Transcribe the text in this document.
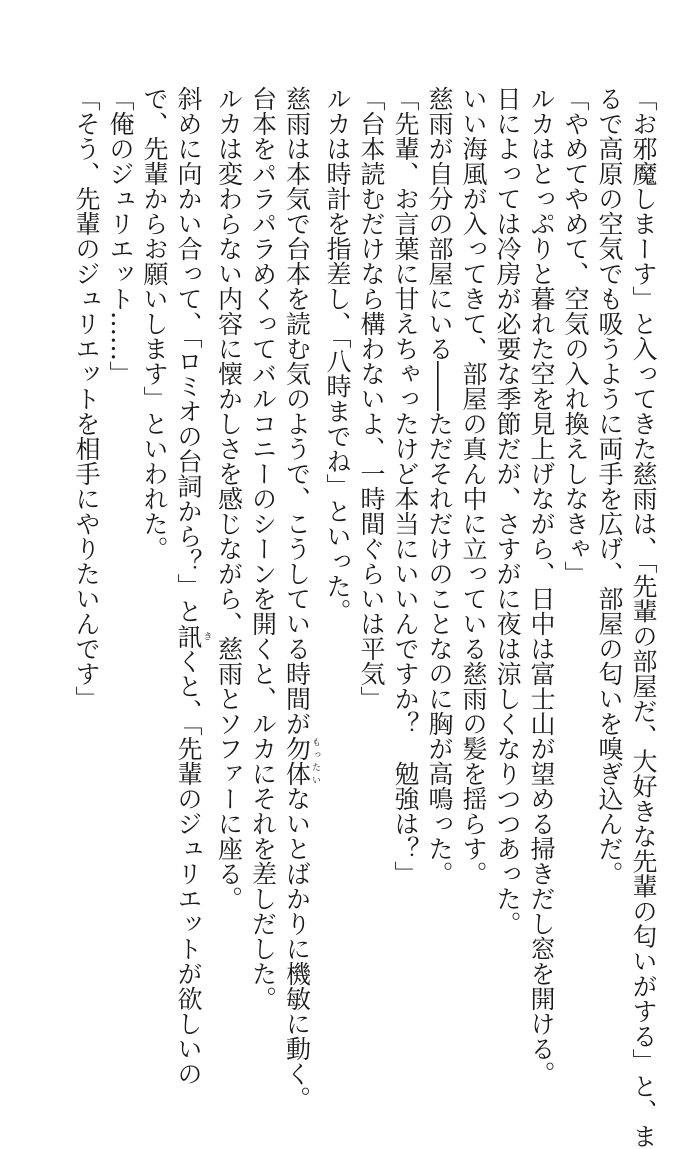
「お邪魔しまーす」と入ってきた慈雨は、「先輩の部屋だ、大好きな先輩の匂いがする」と、ま
るで高原の空気でも吸うように両手を広げ、部屋の匂いを嗅ぎ込んだ。
「やめてやめて、空気の入れ換えしなきゃ」
ルカはとっぷりと暮れた空を見上げながら、日中は富士山が望める掃きだし窓を開ける。
日によっては冷房が必要な季節だが、さすがに夜は涼しくなりつつあった。
いい海風が入ってきて、部屋の真ん中に立っている慈雨の髪を揺らす。
慈雨が自分の部屋にいる――ただそれだけのことなのに胸が高鳴った。
「先輩、お言葉に甘えちゃったけど本当にいいんですか？　勉強は？」
「台本読むだけなら構わないよ、一時間ぐらいは平気」
ルカは時計を指差し、「八時までね」といった。
慈雨は本気で台本を読む気のようで、こうしている時間が勿体もったいないとばかりに機敏に動く。
台本をパラパラめくってバルコニーのシーンを開くと、ルカにそれを差しだした。
ルカは変わらない内容に懐かしさを感じながら、慈雨とソファーに座る。
斜めに向かい合って、「ロミオの台詞から？」と訊きくと、「先輩のジュリエットが欲しいの
で、先輩からお願いします」といわれた。
「俺のジュリエット……」
「そう、先輩のジュリエットを相手にやりたいんです」
